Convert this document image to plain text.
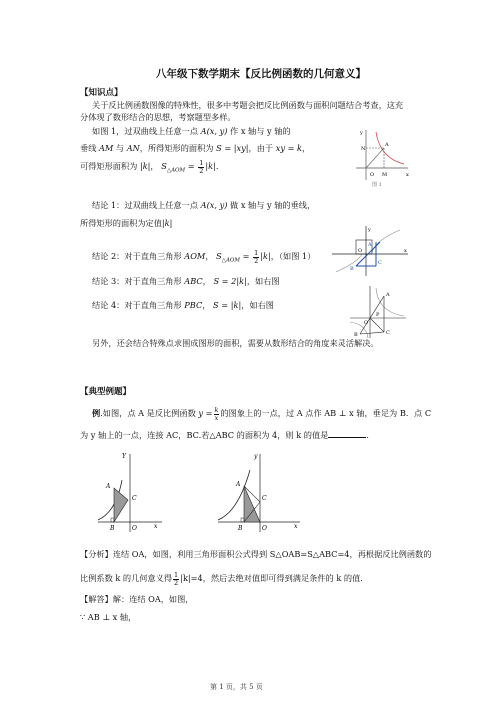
八年级下数学期末【反比例函数的几何意义】
【知识点】
关于反比例函数图像的特殊性，很多中考题会把反比例函数与面积问题结合考查，这充
分体现了数形结合的思想，考察题型多样。
如图 1，过双曲线上任意一点 A(x, y) 作 x 轴与 y 轴的
垂线 AM 与 AN，所得矩形的面积为 S = |xy|，由于 xy = k，
可得矩形面积为 |k|， $S_{\triangle AOM} = \frac{1}{2} |k|$.
N
M
O
y
x
A
图 1
结论 1：过双曲线上任意一点 A(x, y) 做 x 轴与 y 轴的垂线，
所得矩形的面积为定值|k|
结论 2：对于直角三角形 AOM， $S_{\triangle AOM} = \frac{1}{2} |k|$，（如图 1）
结论 3：对于直角三角形 ABC， S = 2|k|，如右图
结论 4：对于直角三角形 PBC， S = |k|，如右图
y
O
A
B
C
x
A
B	C
P
O
另外，还会结合特殊点求围成图形的面积，需要从数形结合的角度来灵活解决。
【典型例题】
例.如图，点 A 是反比例函数 $y = \frac{k}{x}$ 的图象上的一点，过 A 点作 AB ⊥ x 轴，垂足为 B．点 C
为 y 轴上的一点，连接 AC，BC.若△ABC 的面积为 4，则 k 的值是	．
Y
A
C
B	O	x
y
A
C
B	O	x
【分析】连结 OA，如图，利用三角形面积公式得到 S△OAB=S△ABC=4，再根据反比例函数的
比例系数 k 的几何意义得 $\frac{1}{2} |k|=4$，然后去绝对值即可得到满足条件的 k 的值．
【解答】解：连结 OA，如图，
∵ AB ⊥ x 轴，
第 1 页，共 5 页
